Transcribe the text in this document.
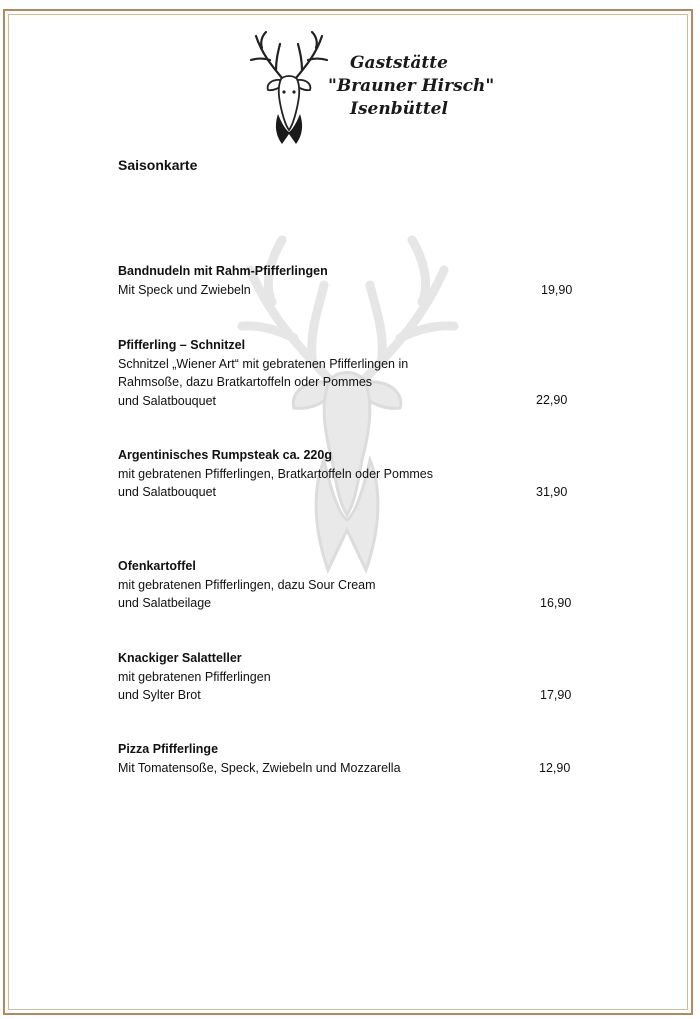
Gaststätte
"Brauner Hirsch"
Isenbüttel
Saisonkarte
Bandnudeln mit Rahm-Pfifferlingen
Mit Speck und Zwiebeln	19,90
Pfifferling – Schnitzel
Schnitzel „Wiener Art“ mit gebratenen Pfifferlingen in
Rahmsoße, dazu Bratkartoffeln oder Pommes
und Salatbouquet	22,90
Argentinisches Rumpsteak ca. 220g
mit gebratenen Pfifferlingen, Bratkartoffeln oder Pommes
und Salatbouquet	31,90
Ofenkartoffel
mit gebratenen Pfifferlingen, dazu Sour Cream
und Salatbeilage	16,90
Knackiger Salatteller
mit gebratenen Pfifferlingen
und Sylter Brot	17,90
Pizza Pfifferlinge
Mit Tomatensoße, Speck, Zwiebeln und Mozzarella	12,90
